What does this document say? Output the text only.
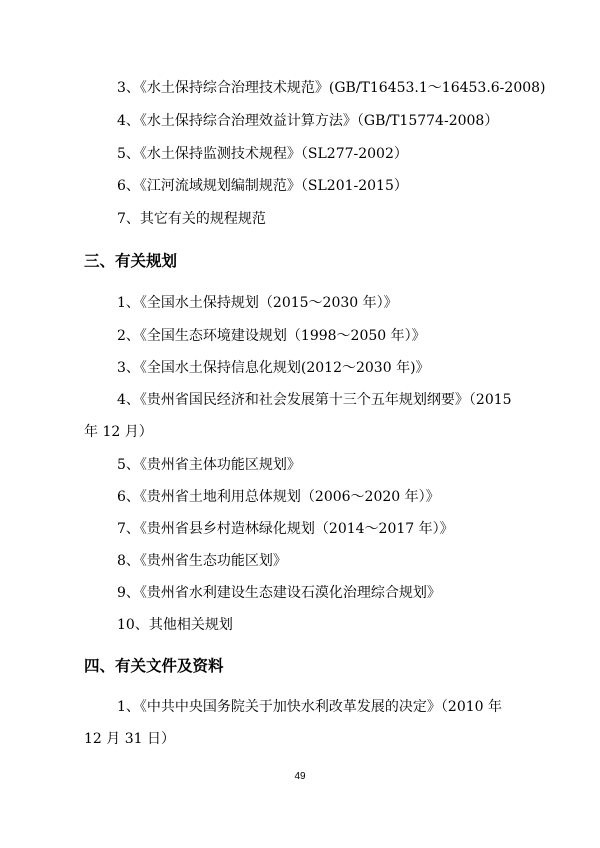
3、《水土保持综合治理技术规范》(GB/T16453.1～16453.6-2008)
4、《水土保持综合治理效益计算方法》（GB/T15774-2008）
5、《水土保持监测技术规程》（SL277-2002）
6、《江河流域规划编制规范》（SL201-2015）
7、其它有关的规程规范
三、有关规划
1、《全国水土保持规划（2015～2030 年）》
2、《全国生态环境建设规划（1998～2050 年）》
3、《全国水土保持信息化规划(2012～2030 年)》
4、《贵州省国民经济和社会发展第十三个五年规划纲要》（2015
年 12 月）
5、《贵州省主体功能区规划》
6、《贵州省土地利用总体规划（2006～2020 年）》
7、《贵州省县乡村造林绿化规划（2014～2017 年）》
8、《贵州省生态功能区划》
9、《贵州省水利建设生态建设石漠化治理综合规划》
10、其他相关规划
四、有关文件及资料
1、《中共中央国务院关于加快水利改革发展的决定》（2010 年
12 月 31 日）
49
